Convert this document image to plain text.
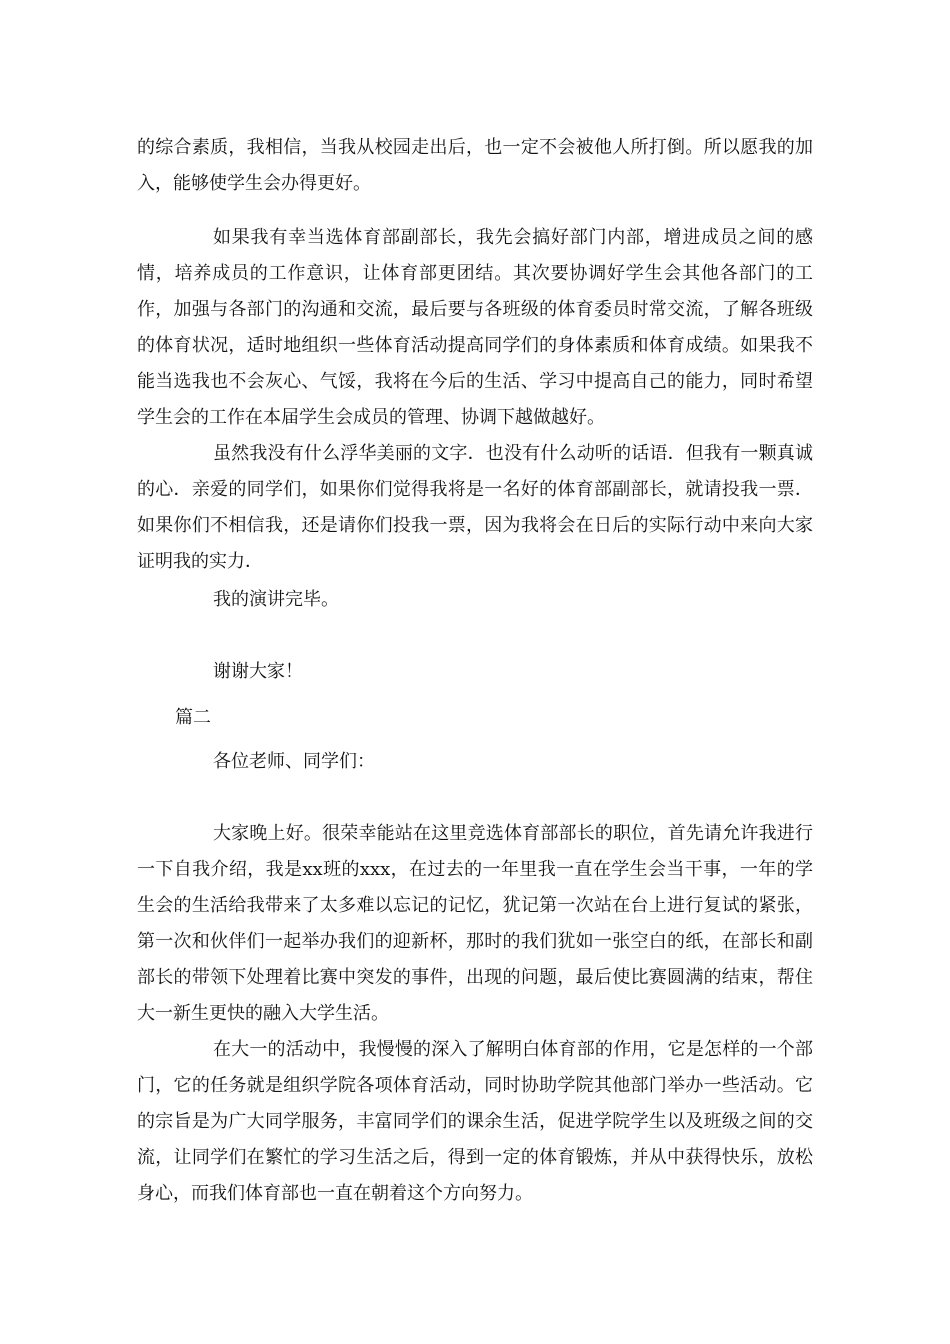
的综合素质，我相信，当我从校园走出后，也一定不会被他人所打倒。所以愿我的加入，能够使学生会办得更好。

如果我有幸当选体育部副部长，我先会搞好部门内部，增进成员之间的感情，培养成员的工作意识，让体育部更团结。其次要协调好学生会其他各部门的工作，加强与各部门的沟通和交流，最后要与各班级的体育委员时常交流，了解各班级的体育状况，适时地组织一些体育活动提高同学们的身体素质和体育成绩。如果我不能当选我也不会灰心、气馁，我将在今后的生活、学习中提高自己的能力，同时希望学生会的工作在本届学生会成员的管理、协调下越做越好。

虽然我没有什么浮华美丽的文字．也没有什么动听的话语．但我有一颗真诚的心．亲爱的同学们，如果你们觉得我将是一名好的体育部副部长，就请投我一票．如果你们不相信我，还是请你们投我一票，因为我将会在日后的实际行动中来向大家证明我的实力．

我的演讲完毕。

谢谢大家！

篇二

各位老师、同学们：

大家晚上好。很荣幸能站在这里竞选体育部部长的职位，首先请允许我进行一下自我介绍，我是xx班的xxx，在过去的一年里我一直在学生会当干事，一年的学生会的生活给我带来了太多难以忘记的记忆，犹记第一次站在台上进行复试的紧张，第一次和伙伴们一起举办我们的迎新杯，那时的我们犹如一张空白的纸，在部长和副部长的带领下处理着比赛中突发的事件，出现的问题，最后使比赛圆满的结束，帮住大一新生更快的融入大学生活。

在大一的活动中，我慢慢的深入了解明白体育部的作用，它是怎样的一个部门，它的任务就是组织学院各项体育活动，同时协助学院其他部门举办一些活动。它的宗旨是为广大同学服务，丰富同学们的课余生活，促进学院学生以及班级之间的交流，让同学们在繁忙的学习生活之后，得到一定的体育锻炼，并从中获得快乐，放松身心，而我们体育部也一直在朝着这个方向努力。
